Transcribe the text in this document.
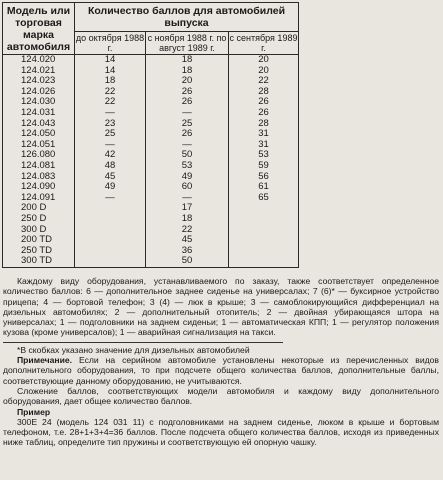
Модель или торговая марка автомобиля	Количество баллов для автомобилей выпуска		
	до октября 1988 г.	с ноября 1988 г. по август 1989 г.	с сентября 1989 г.
124.020	14	18	20
124.021	14	18	20
124.023	18	20	22
124.026	22	26	28
124.030	22	26	26
124.031	—	—	26
124.043	23	25	28
124.050	25	26	31
124.051	—	—	31
126.080	42	50	53
124.081	48	53	59
124.083	45	49	56
124.090	49	60	61
124.091	—	—	65
200 D		17	
250 D		18	
300 D		22	
200 TD		45	
250 TD		36	
300 TD		50	

Каждому виду оборудования, устанавливаемого по заказу, также соответствует определенное количество баллов: 6 — дополнительное заднее сиденье на универсалах; 7 (6)* — буксирное устройство прицепа; 4 — бортовой телефон; 3 (4) — люк в крыше; 3 — самоблокирующийся дифференциал на дизельных автомобилях; 2 — дополнительный отопитель; 2 — двойная убирающаяся штора на универсалах; 1 — подголовники на заднем сиденьи; 1 — автоматическая КПП; 1 — регулятор положения кузова (кроме универсалов); 1 — аварийная сигнализация на такси.

*В скобках указано значение для дизельных автомобилей

Примечание. Если на серийном автомобиле установлены некоторые из перечисленных видов дополнительного оборудования, то при подсчете общего количества баллов, дополнительные баллы, соответствующие данному оборудованию, не учитываются.

Сложение баллов, соответствующих модели автомобиля и каждому виду дополнительного оборудования, дает общее количество баллов.

Пример

300E 24 (модель 124 031 11) с подголовниками на заднем сиденье, люком в крыше и бортовым телефоном, т.е. 28+1+3+4=36 баллов. После подсчета общего количества баллов, исходя из приведенных ниже таблиц, определите тип пружины и соответствующую ей опорную чашку.
